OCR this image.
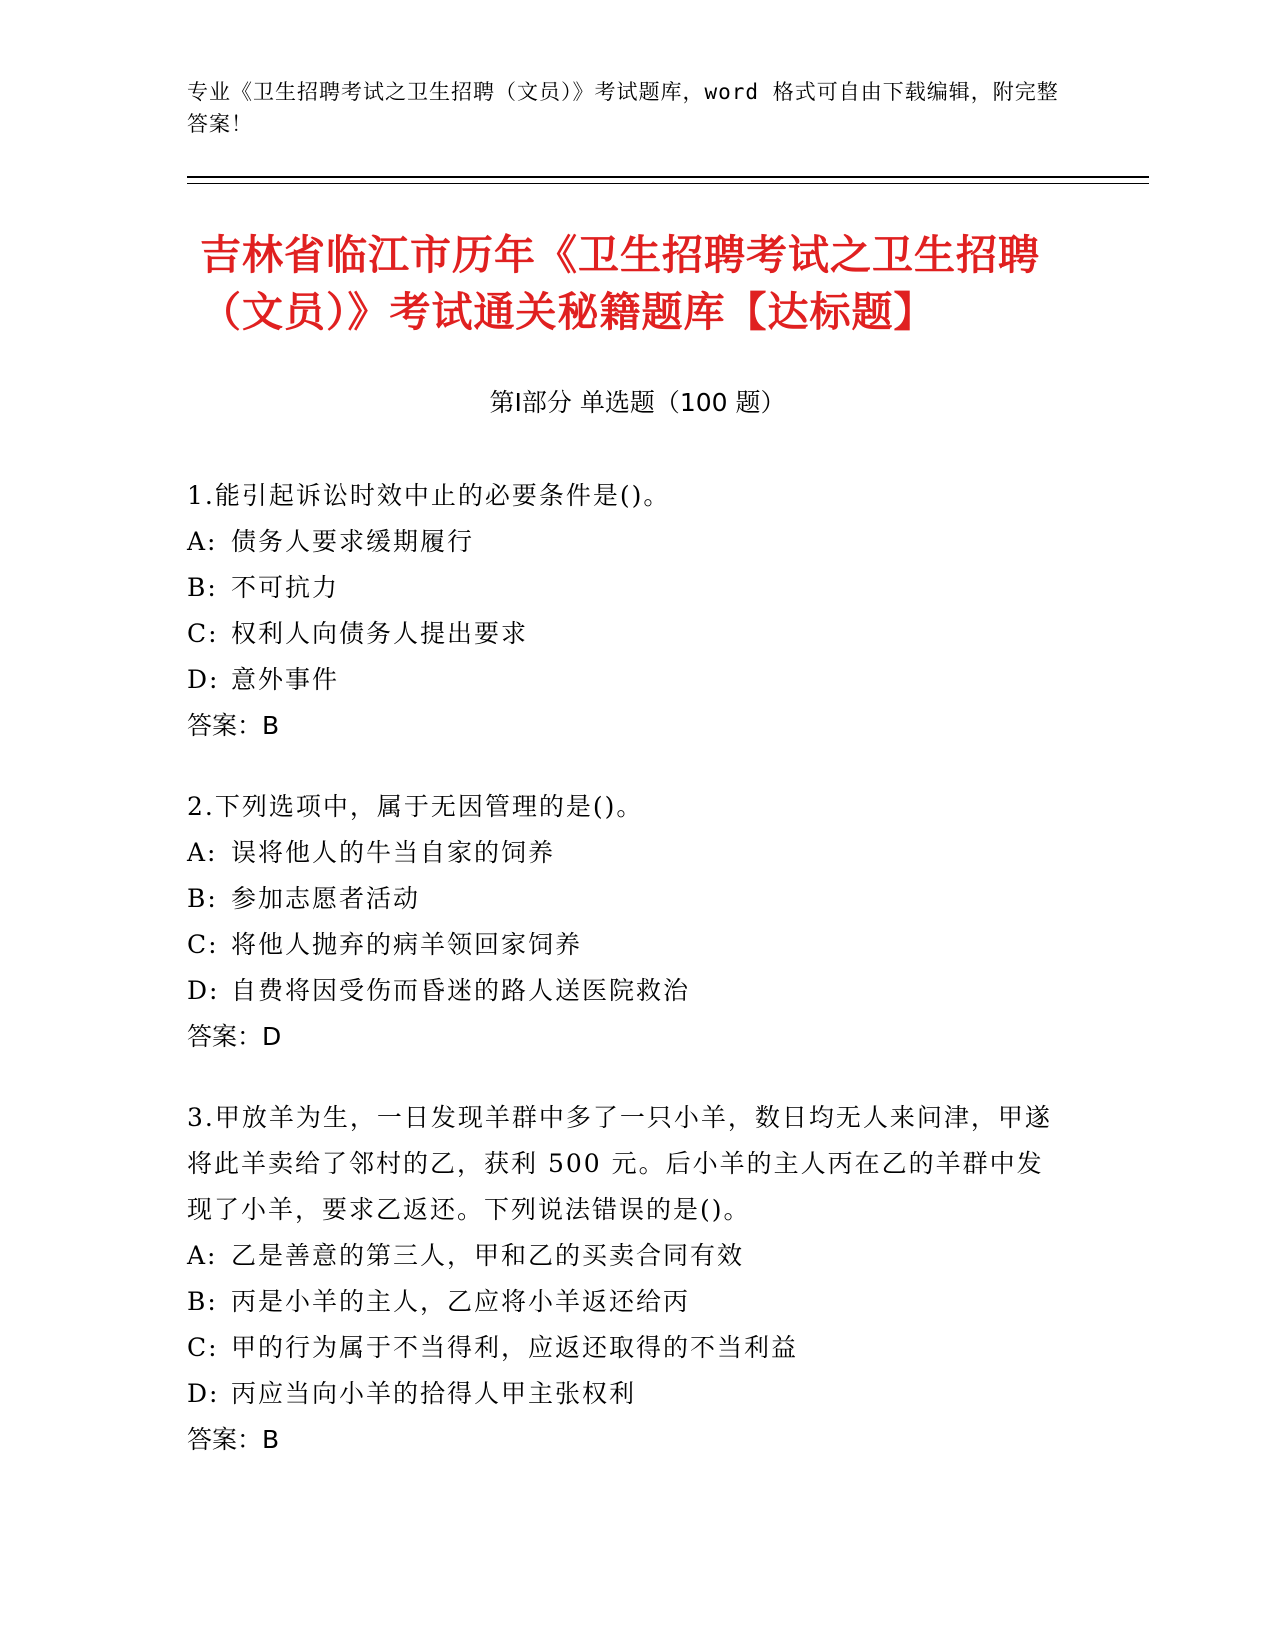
专业《卫生招聘考试之卫生招聘（文员）》考试题库，word 格式可自由下载编辑，附完整答案！
吉林省临江市历年《卫生招聘考试之卫生招聘（文员）》考试通关秘籍题库【达标题】
第Ⅰ部分 单选题（100 题）
1.能引起诉讼时效中止的必要条件是()。
A: 债务人要求缓期履行
B: 不可抗力
C: 权利人向债务人提出要求
D: 意外事件
答案：B
2.下列选项中，属于无因管理的是()。
A: 误将他人的牛当自家的饲养
B: 参加志愿者活动
C: 将他人抛弃的病羊领回家饲养
D: 自费将因受伤而昏迷的路人送医院救治
答案：D
3.甲放羊为生，一日发现羊群中多了一只小羊，数日均无人来问津，甲遂将此羊卖给了邻村的乙，获利 500 元。后小羊的主人丙在乙的羊群中发现了小羊，要求乙返还。下列说法错误的是()。
A: 乙是善意的第三人，甲和乙的买卖合同有效
B: 丙是小羊的主人，乙应将小羊返还给丙
C: 甲的行为属于不当得利，应返还取得的不当利益
D: 丙应当向小羊的拾得人甲主张权利
答案：B
